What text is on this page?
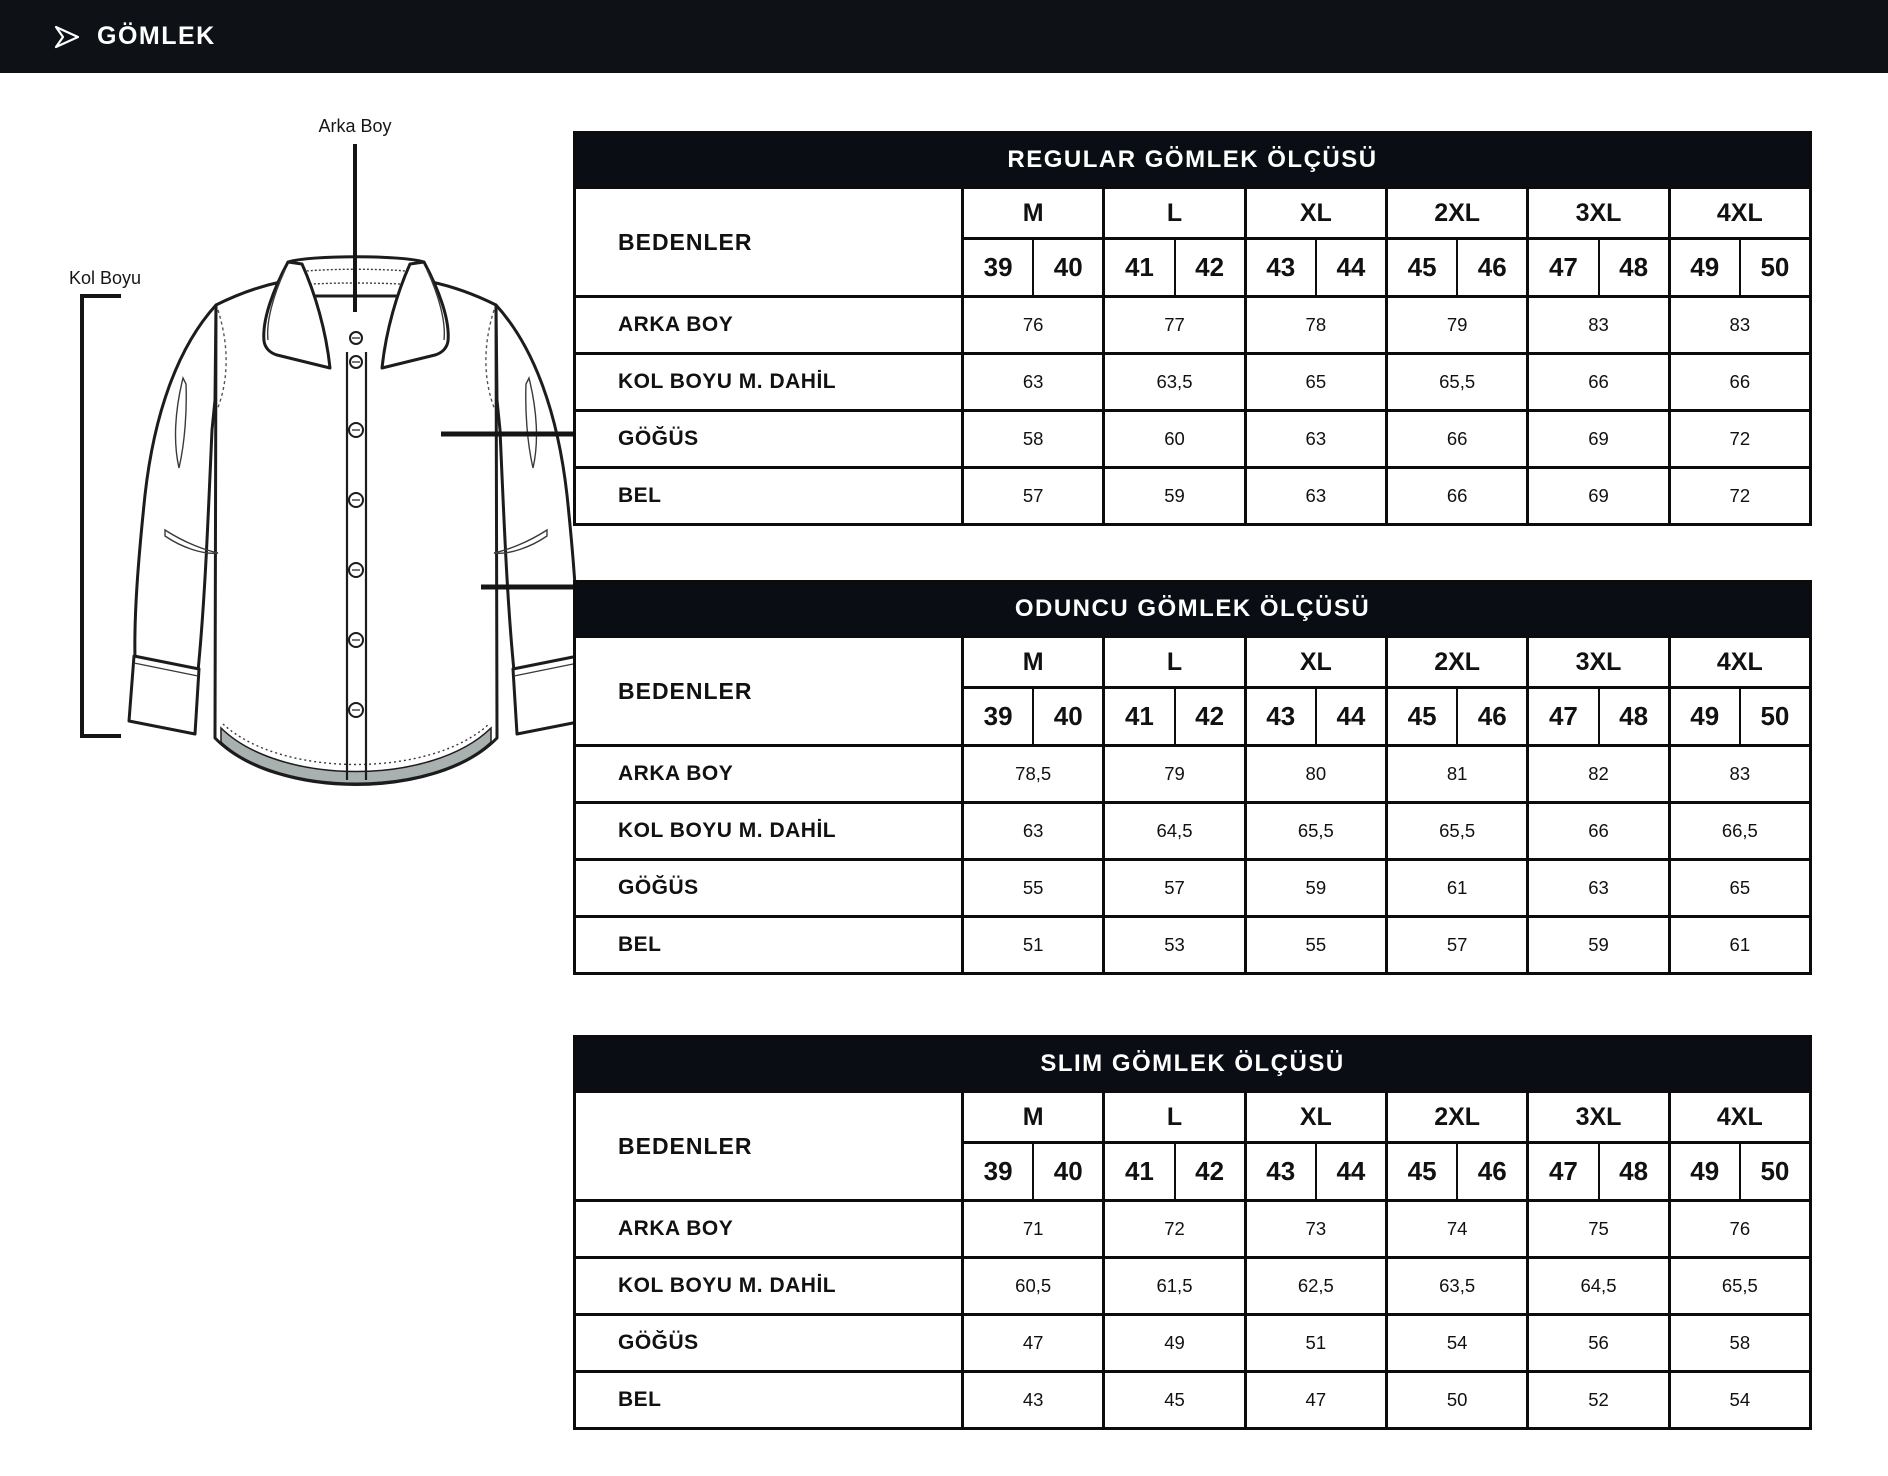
GÖMLEK
Arka Boy
Kol Boyu
REGULAR GÖMLEK ÖLÇÜSÜ
BEDENLER
M	L	XL	2XL	3XL	4XL
39	40	41	42	43	44	45	46	47	48	49	50
ARKA BOY	76	77	78	79	83	83
KOL BOYU M. DAHİL	63	63,5	65	65,5	66	66
GÖĞÜS	58	60	63	66	69	72
BEL	57	59	63	66	69	72
ODUNCU GÖMLEK ÖLÇÜSÜ
BEDENLER
M	L	XL	2XL	3XL	4XL
39	40	41	42	43	44	45	46	47	48	49	50
ARKA BOY	78,5	79	80	81	82	83
KOL BOYU M. DAHİL	63	64,5	65,5	65,5	66	66,5
GÖĞÜS	55	57	59	61	63	65
BEL	51	53	55	57	59	61
SLIM GÖMLEK ÖLÇÜSÜ
BEDENLER
M	L	XL	2XL	3XL	4XL
39	40	41	42	43	44	45	46	47	48	49	50
ARKA BOY	71	72	73	74	75	76
KOL BOYU M. DAHİL	60,5	61,5	62,5	63,5	64,5	65,5
GÖĞÜS	47	49	51	54	56	58
BEL	43	45	47	50	52	54
